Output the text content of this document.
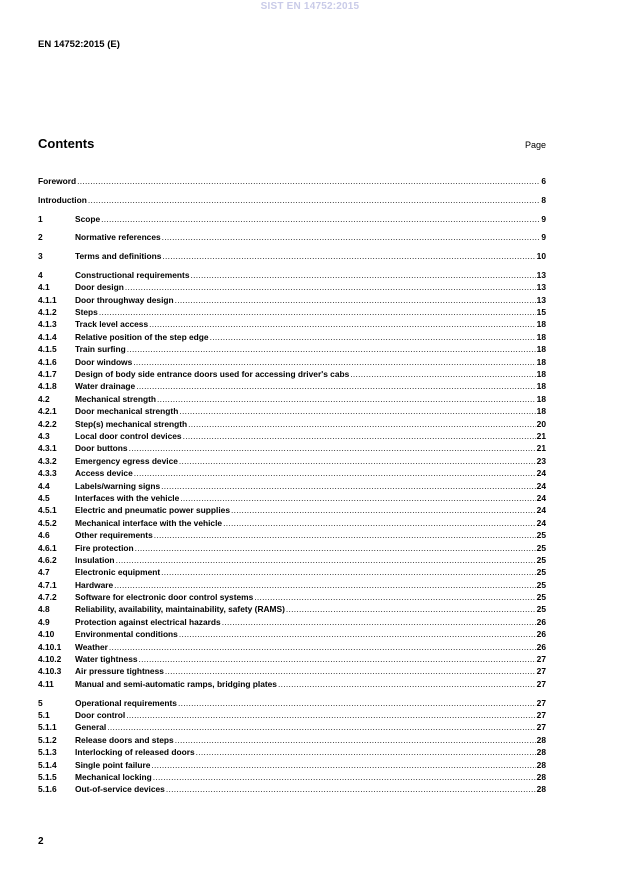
SIST EN 14752:2015
EN 14752:2015 (E)
Contents	Page
Foreword .....	6
Introduction .....	8
1	Scope .....	9
2	Normative references .....	9
3	Terms and definitions .....	10
4	Constructional requirements .....	13
4.1	Door design .....	13
4.1.1	Door throughway design .....	13
4.1.2	Steps .....	15
4.1.3	Track level access .....	18
4.1.4	Relative position of the step edge .....	18
4.1.5	Train surfing .....	18
4.1.6	Door windows .....	18
4.1.7	Design of body side entrance doors used for accessing driver's cabs .....	18
4.1.8	Water drainage .....	18
4.2	Mechanical strength .....	18
4.2.1	Door mechanical strength .....	18
4.2.2	Step(s) mechanical strength .....	20
4.3	Local door control devices .....	21
4.3.1	Door buttons .....	21
4.3.2	Emergency egress device .....	23
4.3.3	Access device .....	24
4.4	Labels/warning signs .....	24
4.5	Interfaces with the vehicle .....	24
4.5.1	Electric and pneumatic power supplies .....	24
4.5.2	Mechanical interface with the vehicle .....	24
4.6	Other requirements .....	25
4.6.1	Fire protection .....	25
4.6.2	Insulation .....	25
4.7	Electronic equipment .....	25
4.7.1	Hardware .....	25
4.7.2	Software for electronic door control systems .....	25
4.8	Reliability, availability, maintainability, safety (RAMS) .....	25
4.9	Protection against electrical hazards .....	26
4.10	Environmental conditions .....	26
4.10.1	Weather .....	26
4.10.2	Water tightness .....	27
4.10.3	Air pressure tightness .....	27
4.11	Manual and semi-automatic ramps, bridging plates .....	27
5	Operational requirements .....	27
5.1	Door control .....	27
5.1.1	General .....	27
5.1.2	Release doors and steps .....	28
5.1.3	Interlocking of released doors .....	28
5.1.4	Single point failure .....	28
5.1.5	Mechanical locking .....	28
5.1.6	Out-of-service devices .....	28
2
